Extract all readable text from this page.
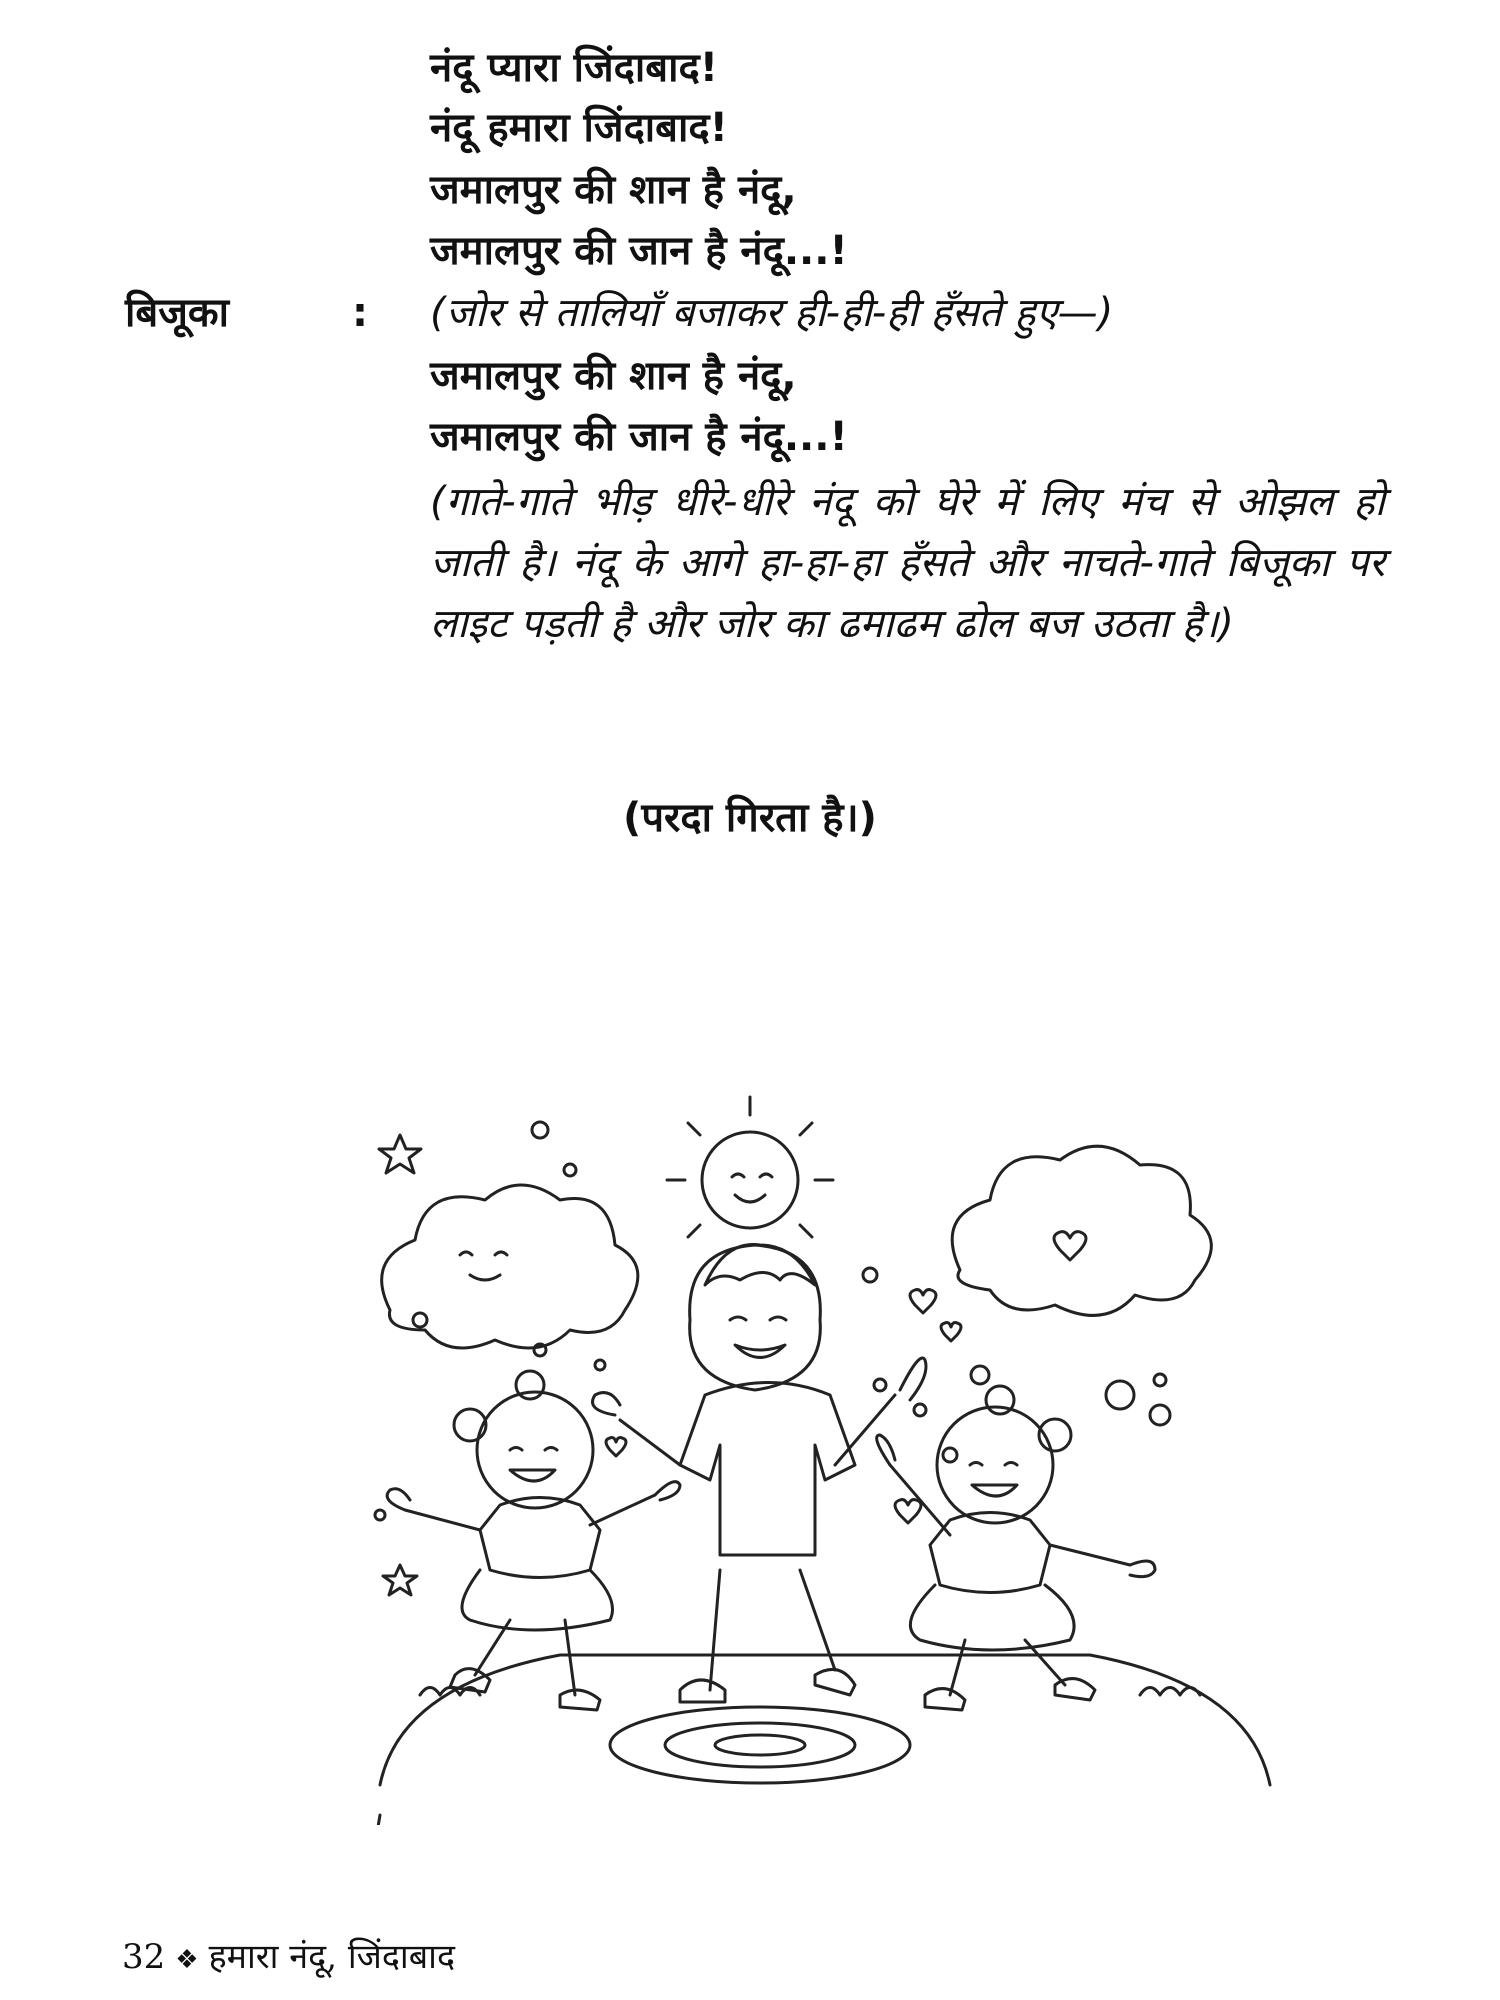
नंदू प्यारा जिंदाबाद!
नंदू हमारा जिंदाबाद!
जमालपुर की शान है नंदू,
जमालपुर की जान है नंदू...!
बिजूका	: (जोर से तालियाँ बजाकर ही-ही-ही हँसते हुए—)
जमालपुर की शान है नंदू,
जमालपुर की जान है नंदू...!
(गाते-गाते भीड़ धीरे-धीरे नंदू को घेरे में लिए मंच से ओझल हो जाती है। नंदू के आगे हा-हा-हा हँसते और नाचते-गाते बिजूका पर लाइट पड़ती है और जोर का ढमाढम ढोल बज उठता है।)
(परदा गिरता है।)
32 ❖ हमारा नंदू, जिंदाबाद
